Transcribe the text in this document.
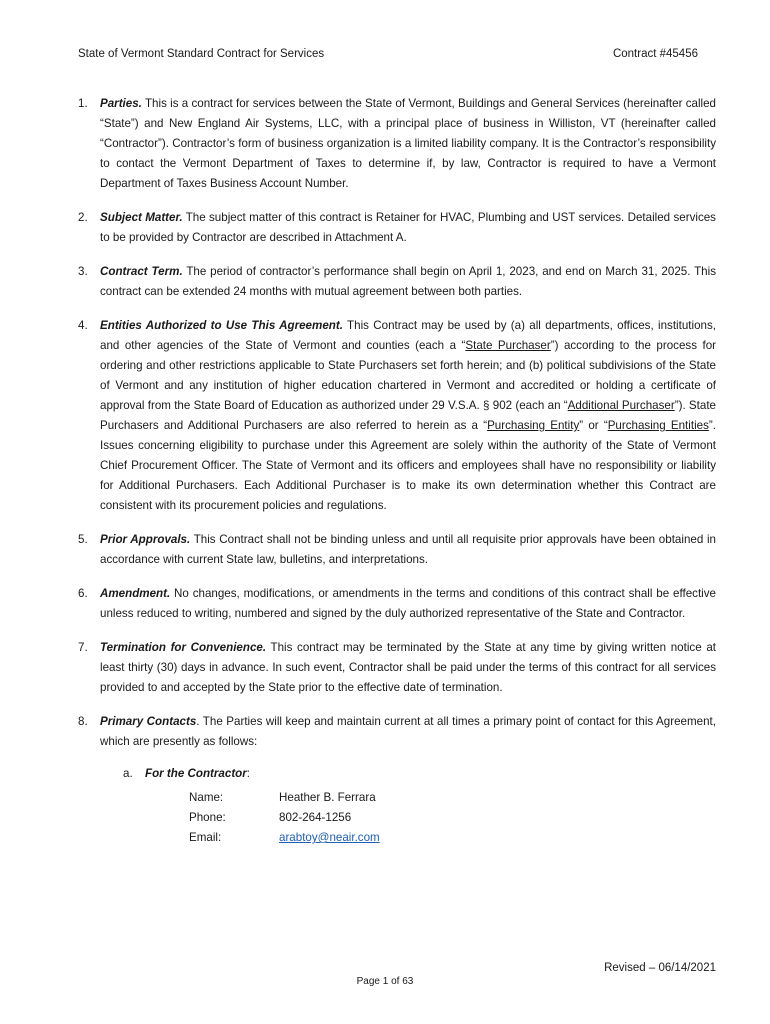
State of Vermont Standard Contract for Services	Contract #45456
1. Parties. This is a contract for services between the State of Vermont, Buildings and General Services (hereinafter called “State”) and New England Air Systems, LLC, with a principal place of business in Williston, VT (hereinafter called “Contractor”). Contractor’s form of business organization is a limited liability company. It is the Contractor’s responsibility to contact the Vermont Department of Taxes to determine if, by law, Contractor is required to have a Vermont Department of Taxes Business Account Number.
2. Subject Matter. The subject matter of this contract is Retainer for HVAC, Plumbing and UST services. Detailed services to be provided by Contractor are described in Attachment A.
3. Contract Term. The period of contractor’s performance shall begin on April 1, 2023, and end on March 31, 2025. This contract can be extended 24 months with mutual agreement between both parties.
4. Entities Authorized to Use This Agreement. This Contract may be used by (a) all departments, offices, institutions, and other agencies of the State of Vermont and counties (each a “State Purchaser”) according to the process for ordering and other restrictions applicable to State Purchasers set forth herein; and (b) political subdivisions of the State of Vermont and any institution of higher education chartered in Vermont and accredited or holding a certificate of approval from the State Board of Education as authorized under 29 V.S.A. § 902 (each an “Additional Purchaser”). State Purchasers and Additional Purchasers are also referred to herein as a “Purchasing Entity” or “Purchasing Entities”. Issues concerning eligibility to purchase under this Agreement are solely within the authority of the State of Vermont Chief Procurement Officer. The State of Vermont and its officers and employees shall have no responsibility or liability for Additional Purchasers. Each Additional Purchaser is to make its own determination whether this Contract are consistent with its procurement policies and regulations.
5. Prior Approvals. This Contract shall not be binding unless and until all requisite prior approvals have been obtained in accordance with current State law, bulletins, and interpretations.
6. Amendment. No changes, modifications, or amendments in the terms and conditions of this contract shall be effective unless reduced to writing, numbered and signed by the duly authorized representative of the State and Contractor.
7. Termination for Convenience. This contract may be terminated by the State at any time by giving written notice at least thirty (30) days in advance. In such event, Contractor shall be paid under the terms of this contract for all services provided to and accepted by the State prior to the effective date of termination.
8. Primary Contacts. The Parties will keep and maintain current at all times a primary point of contact for this Agreement, which are presently as follows:
a. For the Contractor:
Name:	Heather B. Ferrara
Phone:	802-264-1256
Email:	arabtoy@neair.com
Revised – 06/14/2021
Page 1 of 63
